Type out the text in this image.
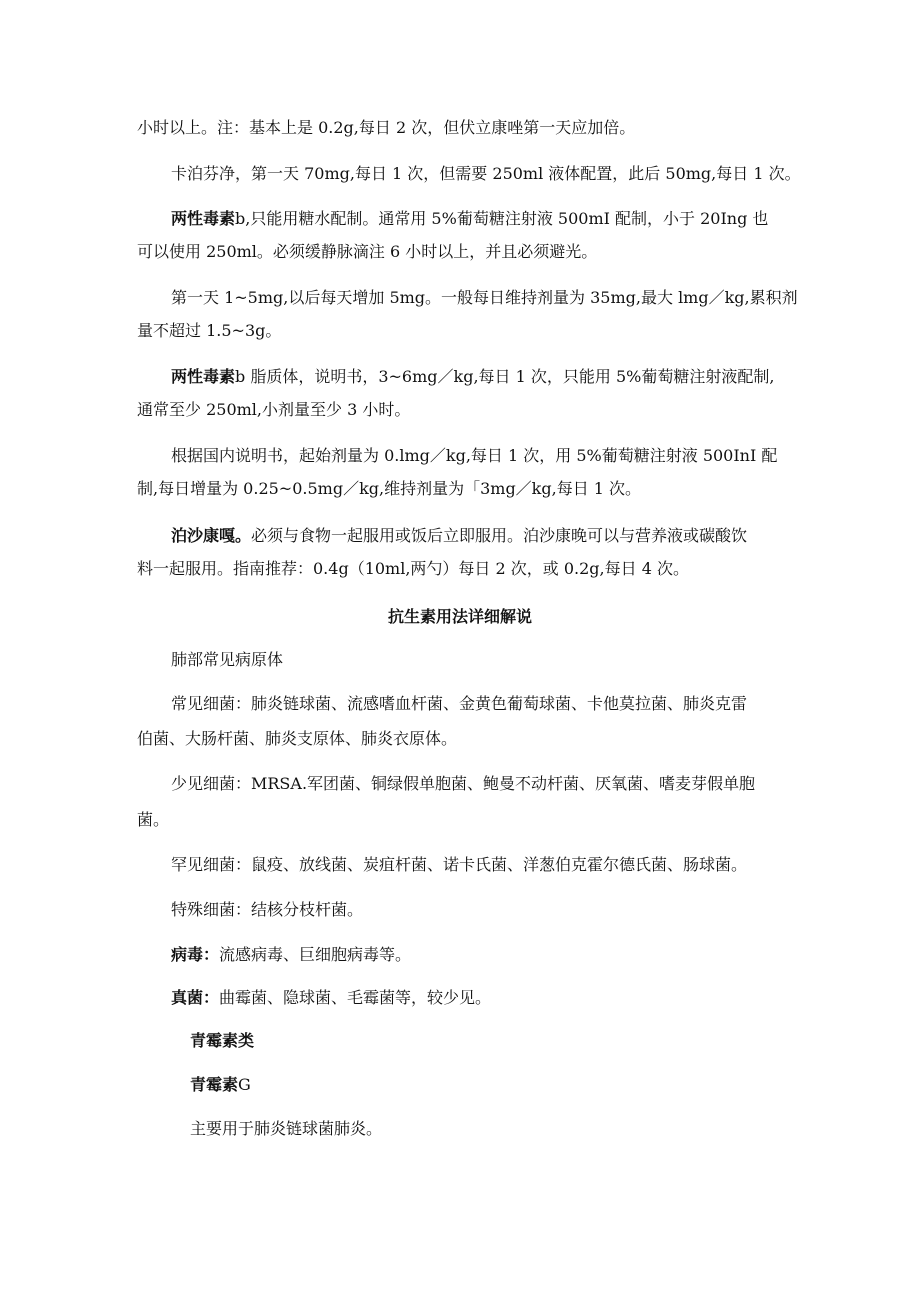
小时以上。注：基本上是 0.2g,每日 2 次，但伏立康唑第一天应加倍。

卡泊芬净，第一天 70mg,每日 1 次，但需要 250ml 液体配置，此后 50mg,每日 1 次。

两性毒素b,只能用糖水配制。通常用 5%葡萄糖注射液 500mI 配制，小于 20Ing 也

可以使用 250ml。必须缓静脉滴注 6 小时以上，并且必须避光。

第一天 1~5mg,以后每天增加 5mg。一般每日维持剂量为 35mg,最大 lmg／kg,累积剂

量不超过 1.5~3g。

两性毒素b 脂质体，说明书，3~6mg／kg,每日 1 次，只能用 5%葡萄糖注射液配制,

通常至少 250ml,小剂量至少 3 小时。

根据国内说明书，起始剂量为 0.lmg／kg,每日 1 次，用 5%葡萄糖注射液 500InI 配

制,每日增量为 0.25~0.5mg／kg,维持剂量为「3mg／kg,每日 1 次。

泊沙康嘎。必须与食物一起服用或饭后立即服用。泊沙康晚可以与营养液或碳酸饮

料一起服用。指南推荐：0.4g（10ml,两勺）每日 2 次，或 0.2g,每日 4 次。

抗生素用法详细解说

肺部常见病原体

常见细菌：肺炎链球菌、流感嗜血杆菌、金黄色葡萄球菌、卡他莫拉菌、肺炎克雷

伯菌、大肠杆菌、肺炎支原体、肺炎衣原体。

少见细菌：MRSA.军团菌、铜绿假单胞菌、鲍曼不动杆菌、厌氧菌、嗜麦芽假单胞

菌。

罕见细菌：鼠疫、放线菌、炭疽杆菌、诺卡氏菌、洋葱伯克霍尔德氏菌、肠球菌。

特殊细菌：结核分枝杆菌。

病毒：流感病毒、巨细胞病毒等。

真菌：曲霉菌、隐球菌、毛霉菌等，较少见。

青霉素类

青霉素G

主要用于肺炎链球菌肺炎。
